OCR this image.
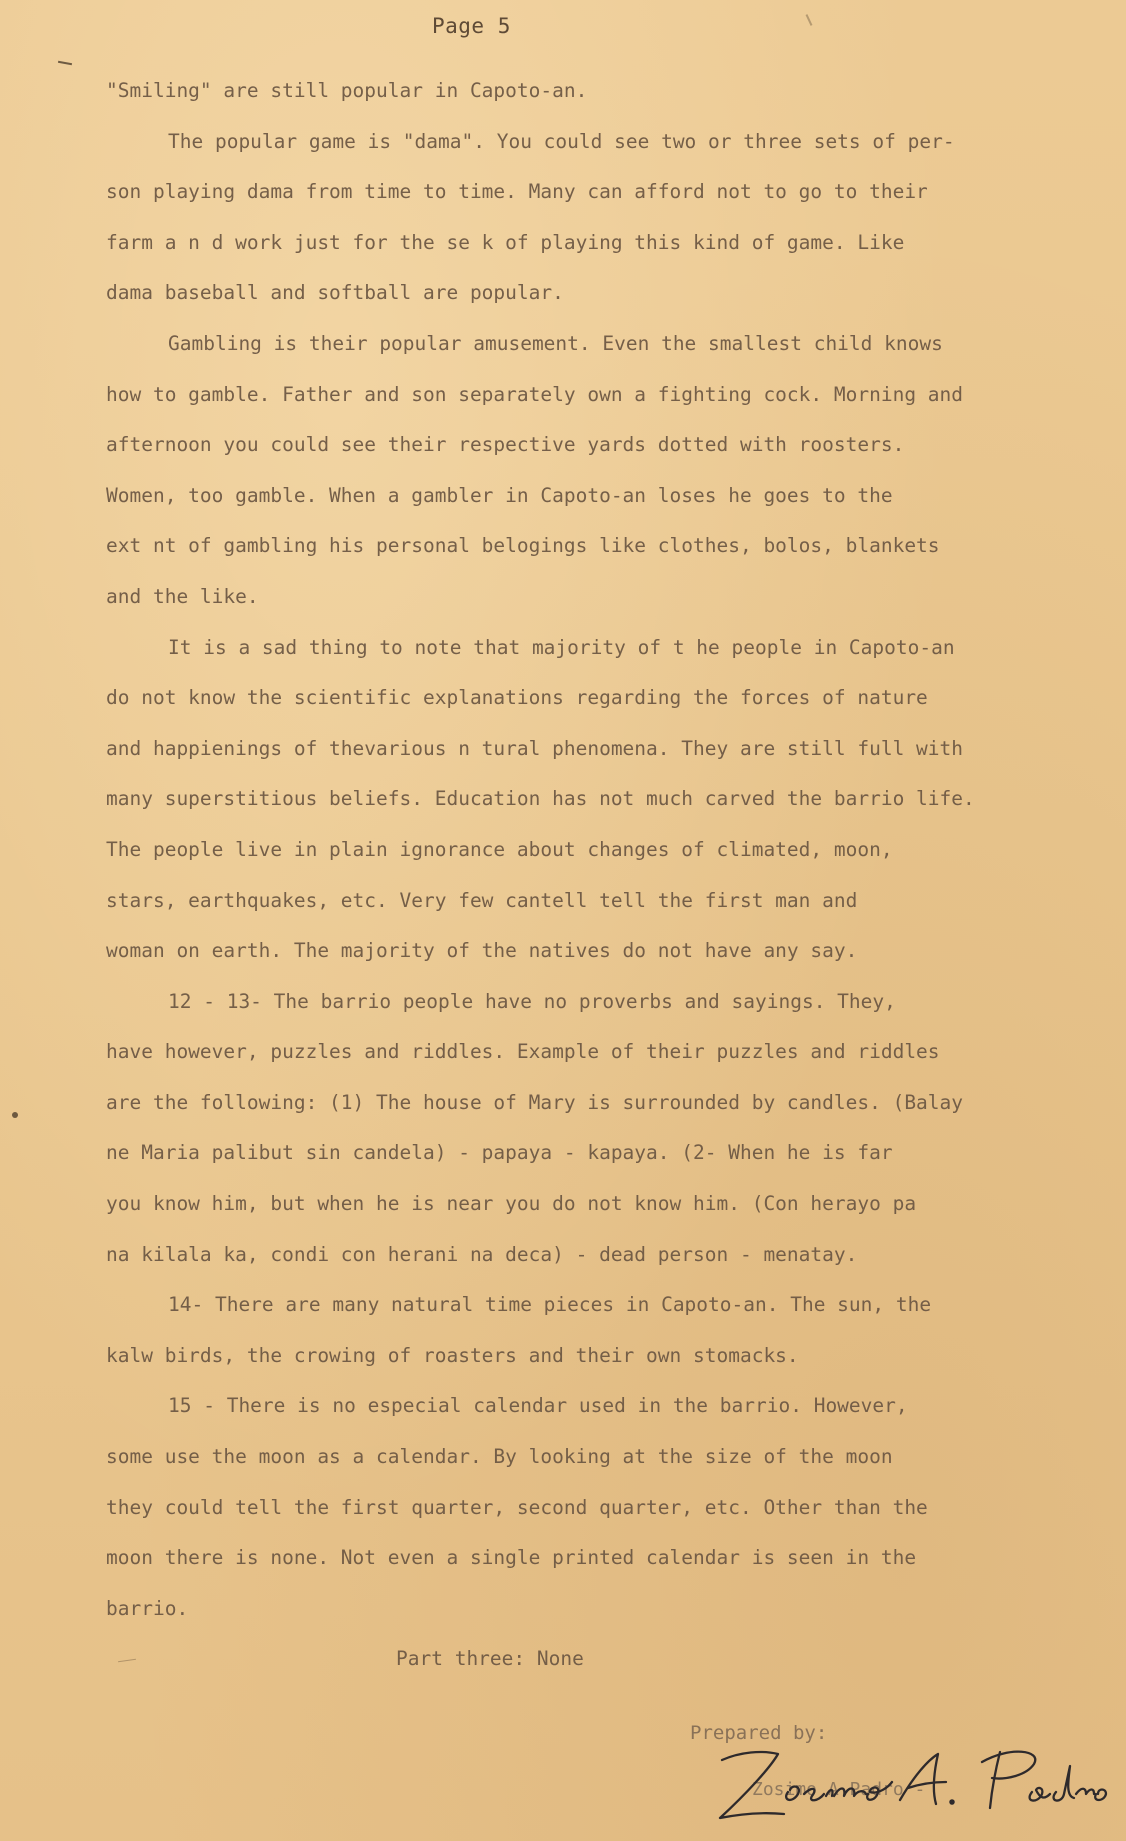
Page 5
"Smiling" are still popular in Capoto-an.
The popular game is "dama". You could see two or three sets of per-
son playing dama from time to time. Many can afford not to go to their
farm a n d work just for the se k of playing this kind of game. Like
dama baseball and softball are popular.
Gambling is their popular amusement. Even the smallest child knows
how to gamble. Father and son separately own a fighting cock. Morning and
afternoon you could see their respective yards dotted with roosters.
Women, too gamble. When a gambler in Capoto-an loses he goes to the
ext nt of gambling his personal belogings like clothes, bolos, blankets
and the like.
It is a sad thing to note that majority of t he people in Capoto-an
do not know the scientific explanations regarding the forces of nature
and happienings of thevarious n tural phenomena. They are still full with
many superstitious beliefs. Education has not much carved the barrio life.
The people live in plain ignorance about changes of climated, moon,
stars, earthquakes, etc. Very few cantell tell the first man and
woman on earth. The majority of the natives do not have any say.
12 - 13- The barrio people have no proverbs and sayings. They,
have however, puzzles and riddles. Example of their puzzles and riddles
are the following: (1) The house of Mary is surrounded by candles. (Balay
ne Maria palibut sin candela) - papaya - kapaya. (2- When he is far
you know him, but when he is near you do not know him. (Con herayo pa
na kilala ka, condi con herani na deca) - dead person - menatay.
14- There are many natural time pieces in Capoto-an. The sun, the
kalw birds, the crowing of roasters and their own stomacks.
15 - There is no especial calendar used in the barrio. However,
some use the moon as a calendar. By looking at the size of the moon
they could tell the first quarter, second quarter, etc. Other than the
moon there is none. Not even a single printed calendar is seen in the
barrio.
Part three: None
Prepared by:
Zosimo A Padro -
